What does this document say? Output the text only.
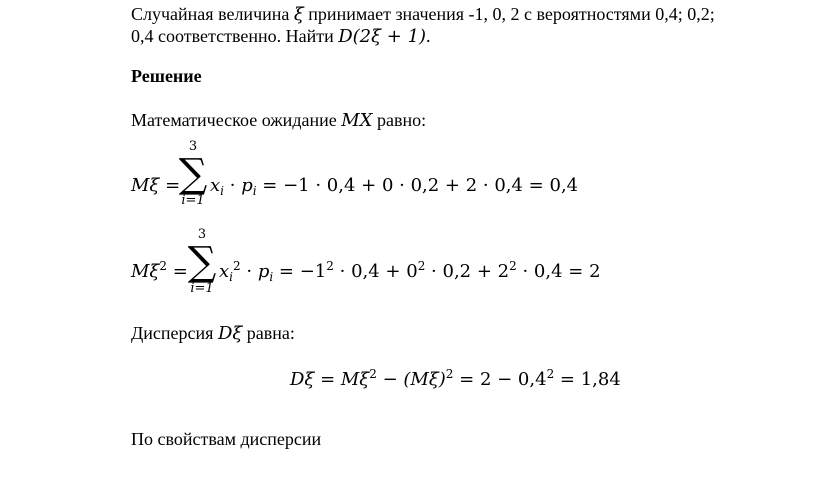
Случайная величина ξ принимает значения -1, 0, 2 с вероятностями 0,4; 0,2;
0,4 соответственно. Найти D(2ξ + 1).
Решение
Математическое ожидание MX равно:
Mξ =
3
∑
i=1
$x_i \cdot p_i = -1 \cdot 0,4 + 0 \cdot 0,2 + 2 \cdot 0,4 = 0,4$
$M\xi^2$ =
3
∑
i=1
$x_i^2 \cdot p_i = -1^2 \cdot 0,4 + 0^2 \cdot 0,2 + 2^2 \cdot 0,4 = 2$
Дисперсия Dξ равна:
$D\xi = M\xi^2 - (M\xi)^2 = 2 - 0,4^2 = 1,84$
По свойствам дисперсии
